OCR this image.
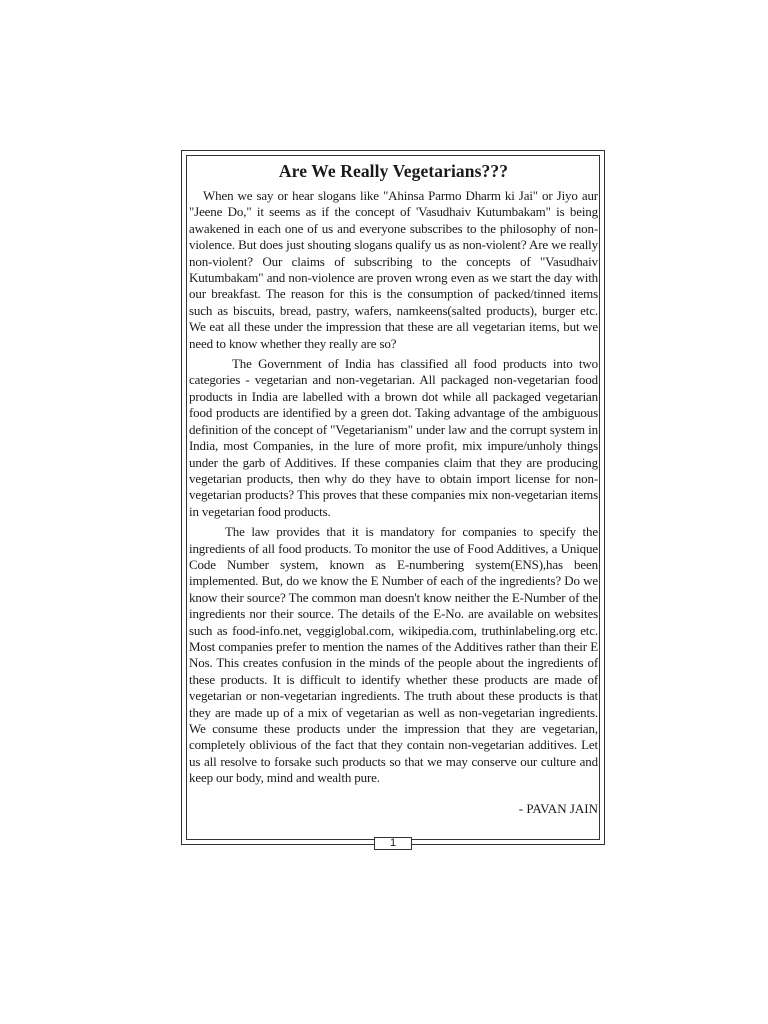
Are We Really Vegetarians???

When we say or hear slogans like "Ahinsa Parmo Dharm ki Jai" or Jiyo aur "Jeene Do," it seems as if the concept of 'Vasudhaiv Kutumbakam" is being awakened in each one of us and everyone subscribes to the philosophy of non-violence. But does just shouting slogans qualify us as non-violent? Are we really non-violent? Our claims of subscribing to the concepts of "Vasudhaiv Kutumbakam" and non-violence are proven wrong even as we start the day with our breakfast. The reason for this is the consumption of packed/tinned items such as biscuits, bread, pastry, wafers, namkeens(salted products), burger etc. We eat all these under the impression that these are all vegetarian items, but we need to know whether they really are so?

The Government of India has classified all food products into two categories - vegetarian and non-vegetarian. All packaged non-vegetarian food products in India are labelled with a brown dot while all packaged vegetarian food products are identified by a green dot. Taking advantage of the ambiguous definition of the concept of "Vegetarianism" under law and the corrupt system in India, most Companies, in the lure of more profit, mix impure/unholy things under the garb of Additives. If these companies claim that they are producing vegetarian products, then why do they have to obtain import license for non-vegetarian products? This proves that these companies mix non-vegetarian items in vegetarian food products.

The law provides that it is mandatory for companies to specify the ingredients of all food products. To monitor the use of Food Additives, a Unique Code Number system, known as E-numbering system(ENS),has been implemented. But, do we know the E Number of each of the ingredients? Do we know their source? The common man doesn't know neither the E-Number of the ingredients nor their source. The details of the E-No. are available on websites such as food-info.net, veggiglobal.com, wikipedia.com, truthinlabeling.org etc. Most companies prefer to mention the names of the Additives rather than their E Nos. This creates confusion in the minds of the people about the ingredients of these products. It is difficult to identify whether these products are made of vegetarian or non-vegetarian ingredients. The truth about these products is that they are made up of a mix of vegetarian as well as non-vegetarian ingredients. We consume these products under the impression that they are vegetarian, completely oblivious of the fact that they contain non-vegetarian additives. Let us all resolve to forsake such products so that we may conserve our culture and keep our body, mind and wealth pure.

- PAVAN JAIN
1
